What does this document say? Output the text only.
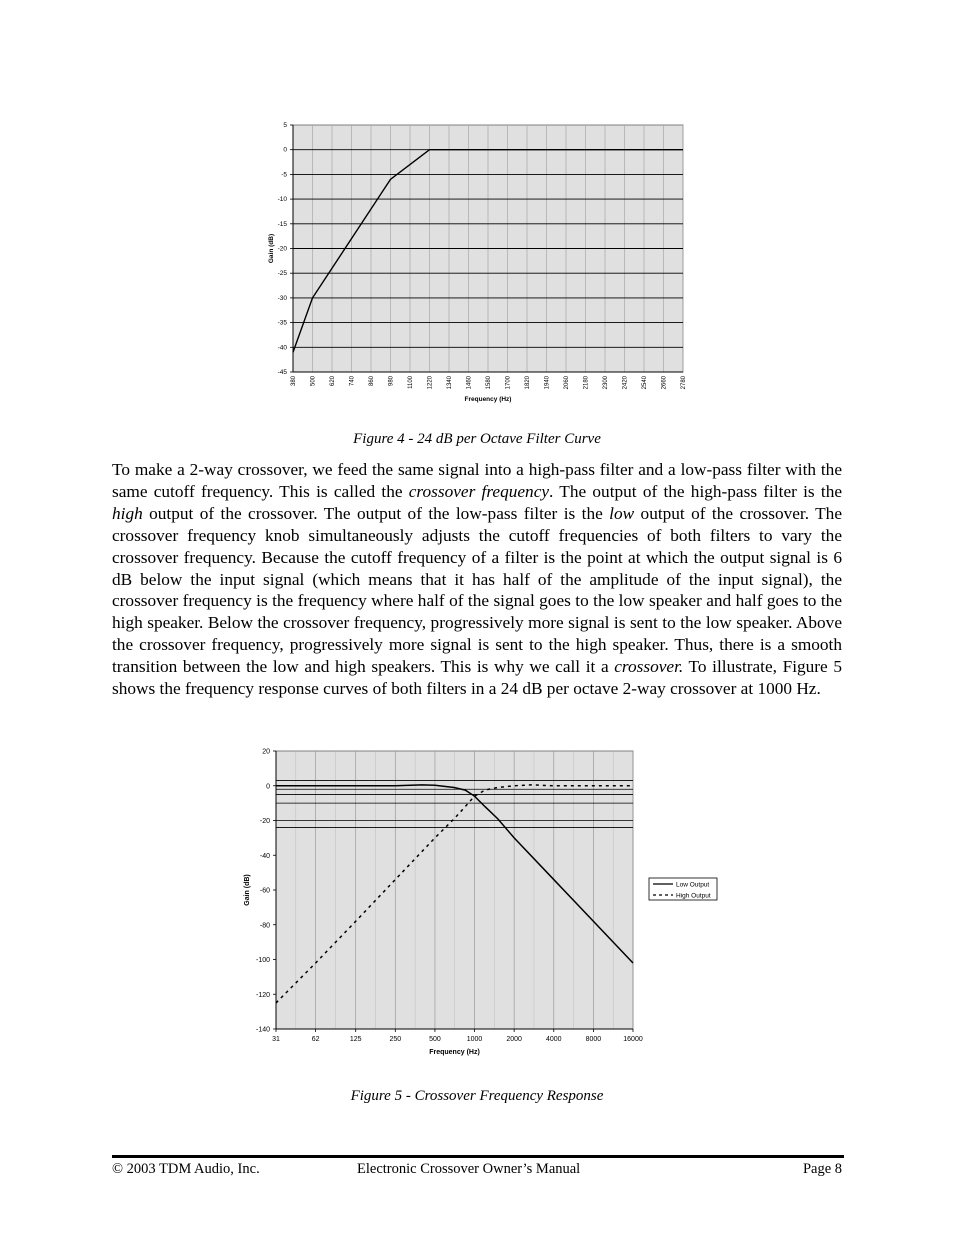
380 500 620 740 860 980 1100 1220 1340 1460 1580 1700 1820 1940 2060 2180 2300 2420 2540 2660 2780
5
0
-5
-10
-15
-20
-25
-30
-35
-40
-45
Frequency (Hz)
Gain (dB)
Figure 4 - 24 dB per Octave Filter Curve

To make a 2-way crossover, we feed the same signal into a high-pass filter and a low-pass filter with the same cutoff frequency. This is called the crossover frequency. The output of the high-pass filter is the high output of the crossover. The output of the low-pass filter is the low output of the crossover. The crossover frequency knob simultaneously adjusts the cutoff frequencies of both filters to vary the crossover frequency. Because the cutoff frequency of a filter is the point at which the output signal is 6 dB below the input signal (which means that it has half of the amplitude of the input signal), the crossover frequency is the frequency where half of the signal goes to the low speaker and half goes to the high speaker. Below the crossover frequency, progressively more signal is sent to the low speaker. Above the crossover frequency, progressively more signal is sent to the high speaker. Thus, there is a smooth transition between the low and high speakers. This is why we call it a crossover. To illustrate, Figure 5 shows the frequency response curves of both filters in a 24 dB per octave 2-way crossover at 1000 Hz.

31	62	125	250	500	1000	2000	4000	8000	16000
20
0
-20
-40
-60
-80
-100
-120
-140
Frequency (Hz)
Gain (dB)	Low Output
High Output
Figure 5 - Crossover Frequency Response
© 2003 TDM Audio, Inc.	Electronic Crossover Owner’s Manual	Page 8
